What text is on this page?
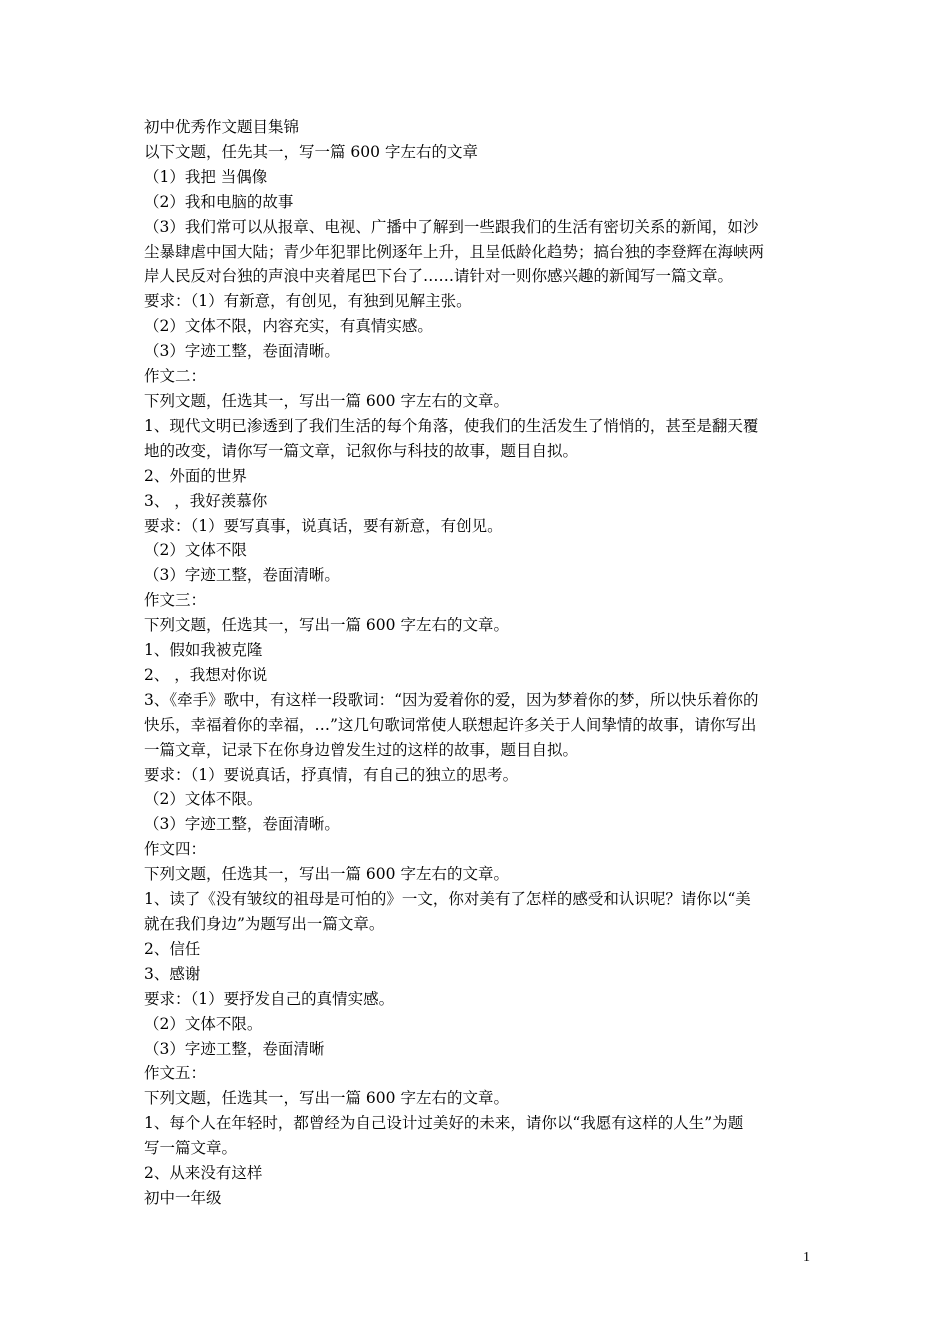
初中优秀作文题目集锦
以下文题，任先其一，写一篇 600 字左右的文章
（1）我把 当偶像
（2）我和电脑的故事
（3）我们常可以从报章、电视、广播中了解到一些跟我们的生活有密切关系的新闻，如沙
尘暴肆虐中国大陆；青少年犯罪比例逐年上升，且呈低龄化趋势；搞台独的李登辉在海峡两
岸人民反对台独的声浪中夹着尾巴下台了……请针对一则你感兴趣的新闻写一篇文章。
要求：（1）有新意，有创见，有独到见解主张。
（2）文体不限，内容充实，有真情实感。
（3）字迹工整，卷面清晰。
作文二：
下列文题，任选其一，写出一篇 600 字左右的文章。
1、现代文明已渗透到了我们生活的每个角落，使我们的生活发生了悄悄的，甚至是翻天覆
地的改变，请你写一篇文章，记叙你与科技的故事，题目自拟。
2、外面的世界
3、 ，我好羡慕你
要求：（1）要写真事，说真话，要有新意，有创见。
（2）文体不限
（3）字迹工整，卷面清晰。
作文三：
下列文题，任选其一，写出一篇 600 字左右的文章。
1、假如我被克隆
2、 ，我想对你说
3、《牵手》歌中，有这样一段歌词：“因为爱着你的爱，因为梦着你的梦，所以快乐着你的
快乐，幸福着你的幸福，…”这几句歌词常使人联想起许多关于人间挚情的故事，请你写出
一篇文章，记录下在你身边曾发生过的这样的故事，题目自拟。
要求：（1）要说真话，抒真情，有自己的独立的思考。
（2）文体不限。
（3）字迹工整，卷面清晰。
作文四：
下列文题，任选其一，写出一篇 600 字左右的文章。
1、读了《没有皱纹的祖母是可怕的》一文，你对美有了怎样的感受和认识呢？请你以“美
就在我们身边”为题写出一篇文章。
2、信任
3、感谢
要求：（1）要抒发自己的真情实感。
（2）文体不限。
（3）字迹工整，卷面清晰
作文五：
下列文题，任选其一，写出一篇 600 字左右的文章。
1、每个人在年轻时，都曾经为自己设计过美好的未来，请你以“我愿有这样的人生”为题
写一篇文章。
2、从来没有这样
初中一年级
1
